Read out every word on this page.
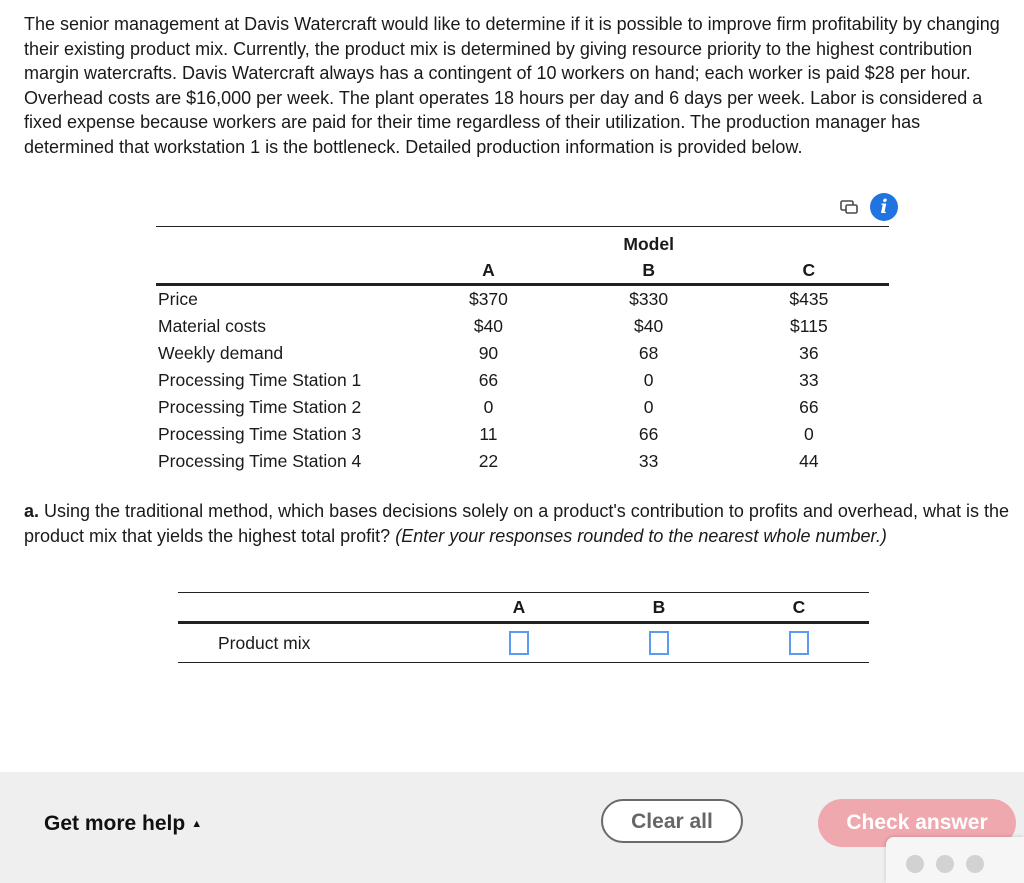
The senior management at Davis Watercraft would like to determine if it is possible to improve firm profitability by changing their existing product mix. Currently, the product mix is determined by giving resource priority to the highest contribution margin watercrafts. Davis Watercraft always has a contingent of 10 workers on hand; each worker is paid $28 per hour. Overhead costs are $16,000 per week. The plant operates 18 hours per day and 6 days per week. Labor is considered a fixed expense because workers are paid for their time regardless of their utilization. The production manager has determined that workstation 1 is the bottleneck. Detailed production information is provided below.

i
	Model		
	A	B	C
Price	$370	$330	$435
Material costs	$40	$40	$115
Weekly demand	90	68	36
Processing Time Station 1	66	0	33
Processing Time Station 2	0	0	66
Processing Time Station 3	11	66	0
Processing Time Station 4	22	33	44

a. Using the traditional method, which bases decisions solely on a product's contribution to profits and overhead, what is the product mix that yields the highest total profit? (Enter your responses rounded to the nearest whole number.)

	A	B	C
Product mix			
Get more help ▲	Clear all	Check answer
